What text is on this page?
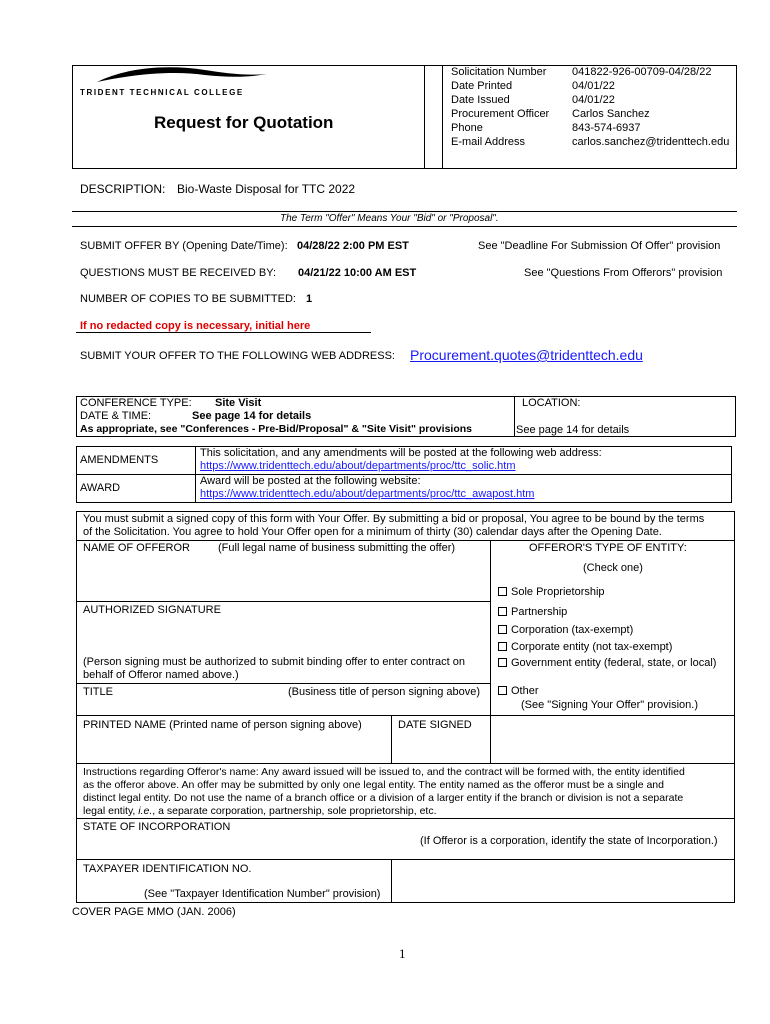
TRIDENT TECHNICAL COLLEGE
Request for Quotation
Solicitation Number 041822-926-00709-04/28/22
Date Printed	04/01/22
Date Issued	04/01/22
Procurement Officer Carlos Sanchez
Phone	843-574-6937
E-mail Address	carlos.sanchez@tridenttech.edu
DESCRIPTION: Bio-Waste Disposal for TTC 2022
The Term "Offer" Means Your "Bid" or "Proposal".
SUBMIT OFFER BY (Opening Date/Time): 04/28/22 2:00 PM EST	See "Deadline For Submission Of Offer" provision
QUESTIONS MUST BE RECEIVED BY: 04/21/22 10:00 AM EST	See "Questions From Offerors" provision
NUMBER OF COPIES TO BE SUBMITTED: 1
If no redacted copy is necessary, initial here
SUBMIT YOUR OFFER TO THE FOLLOWING WEB ADDRESS: Procurement.quotes@tridenttech.edu
CONFERENCE TYPE: Site Visit
DATE & TIME:	See page 14 for details
As appropriate, see "Conferences - Pre-Bid/Proposal" & "Site Visit" provisions
LOCATION:
See page 14 for details
AMENDMENTS
This solicitation, and any amendments will be posted at the following web address:
https://www.tridenttech.edu/about/departments/proc/ttc_solic.htm
AWARD
Award will be posted at the following website:
https://www.tridenttech.edu/about/departments/proc/ttc_awapost.htm
You must submit a signed copy of this form with Your Offer. By submitting a bid or proposal, You agree to be bound by the terms
of the Solicitation. You agree to hold Your Offer open for a minimum of thirty (30) calendar days after the Opening Date.
NAME OF OFFEROR	(Full legal name of business submitting the offer)
AUTHORIZED SIGNATURE
(Person signing must be authorized to submit binding offer to enter contract on
behalf of Offeror named above.)
TITLE	(Business title of person signing above)
OFFEROR'S TYPE OF ENTITY:
(Check one)
Sole Proprietorship
Partnership
Corporation (tax-exempt)
Corporate entity (not tax-exempt)
Government entity (federal, state, or local)
Other
(See "Signing Your Offer" provision.)
PRINTED NAME (Printed name of person signing above)	DATE SIGNED
Instructions regarding Offeror's name: Any award issued will be issued to, and the contract will be formed with, the entity identified
as the offeror above. An offer may be submitted by only one legal entity. The entity named as the offeror must be a single and
distinct legal entity. Do not use the name of a branch office or a division of a larger entity if the branch or division is not a separate
legal entity, i.e., a separate corporation, partnership, sole proprietorship, etc.
STATE OF INCORPORATION
(If Offeror is a corporation, identify the state of Incorporation.)
TAXPAYER IDENTIFICATION NO.
(See "Taxpayer Identification Number" provision)
COVER PAGE MMO (JAN. 2006)
1
